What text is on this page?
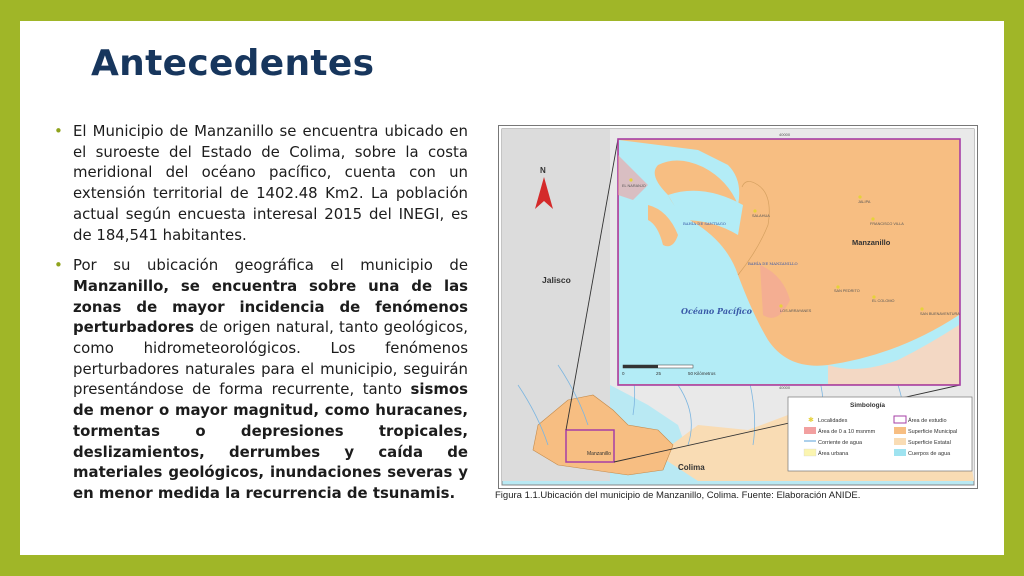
Antecedentes
• El Municipio de Manzanillo se encuentra ubicado en el suroeste del Estado de Colima, sobre la costa meridional del océano pacífico, cuenta con un extensión territorial de 1402.48 Km2. La población actual según encuesta interesal 2015 del INEGI, es de 184,541 habitantes.
• Por su ubicación geográfica el municipio de Manzanillo, se encuentra sobre una de las zonas de mayor incidencia de fenómenos perturbadores de origen natural, tanto geológicos, como hidrometeorológicos. Los fenómenos perturbadores naturales para el municipio, seguirán presentándose de forma recurrente, tanto sismos de menor o mayor magnitud, como huracanes, tormentas o depresiones tropicales, deslizamientos, derrumbes y caída de materiales geológicos, inundaciones severas y en menor medida la recurrencia de tsunamis.
Jalisco
Colima
Manzanillo
N
Manzanillo
Océano Pacífico
BAHÍA DE SANTIAGO
BAHÍA DE MANZANILLO
EL NARANJO
SALAHUA
JALIPA
FRANCISCO VILLA
EL COLOMO
SAN BUENAVENTURA
LOS ARRAYANES
SAN PEDRITO
0	25	50 Kilómetros
40000
40000
Simbología
✱ Localidades
Área de 0 a 10 msnmm
Corriente de agua
Área urbana
Área de estudio
Superficie Municipal
Superficie Estatal
Cuerpos de agua
Figura 1.1.Ubicación del municipio de Manzanillo, Colima. Fuente: Elaboración ANIDE.
